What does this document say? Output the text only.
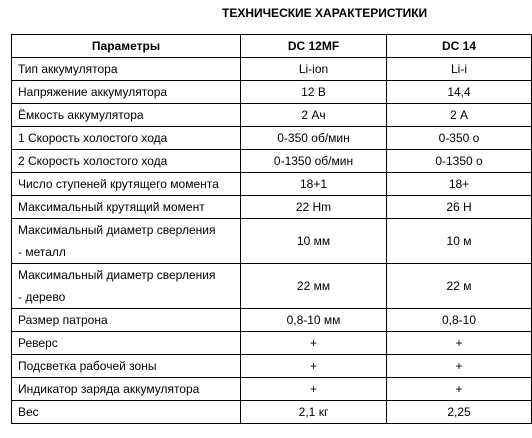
ТЕХНИЧЕСКИЕ ХАРАКТЕРИСТИКИ
Параметры	DC 12MF	DC 14

Тип аккумулятора	Li-ion	Li-i

Напряжение аккумулятора	12 В	14,4

Ёмкость аккумулятора	2 Ач	2 А

1 Скорость холостого хода	0-350 об/мин	0-350 о

2 Скорость холостого хода	0-1350 об/мин	0-1350 о

Число ступеней крутящего момента	18+1	18+

Максимальный крутящий момент	22 Нm	26 Н

Максимальный диаметр сверления
- металл	10 мм	10 м

Максимальный диаметр сверления
- дерево	22 мм	22 м

Размер патрона	0,8-10 мм	0,8-10

Реверс	+	+

Подсветка рабочей зоны	+	+

Индикатор заряда аккумулятора	+	+

Вес	2,1 кг	2,25
